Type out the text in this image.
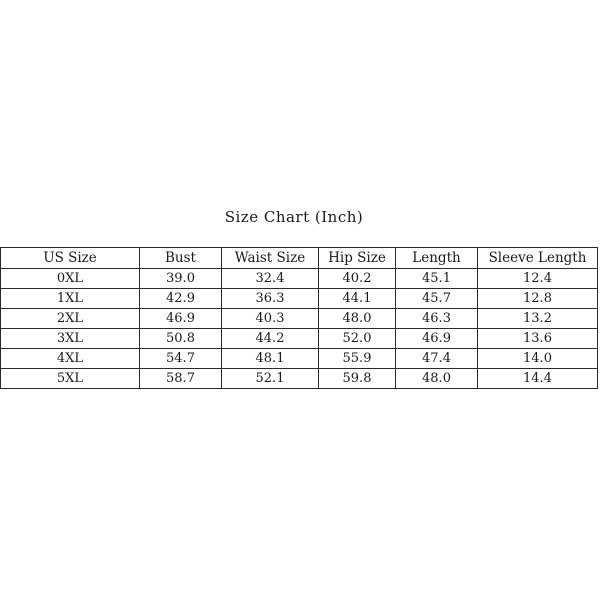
Size Chart (Inch)
US Size	Bust	Waist Size	Hip Size	Length	Sleeve Length
0XL	39.0	32.4	40.2	45.1	12.4
1XL	42.9	36.3	44.1	45.7	12.8
2XL	46.9	40.3	48.0	46.3	13.2
3XL	50.8	44.2	52.0	46.9	13.6
4XL	54.7	48.1	55.9	47.4	14.0
5XL	58.7	52.1	59.8	48.0	14.4
